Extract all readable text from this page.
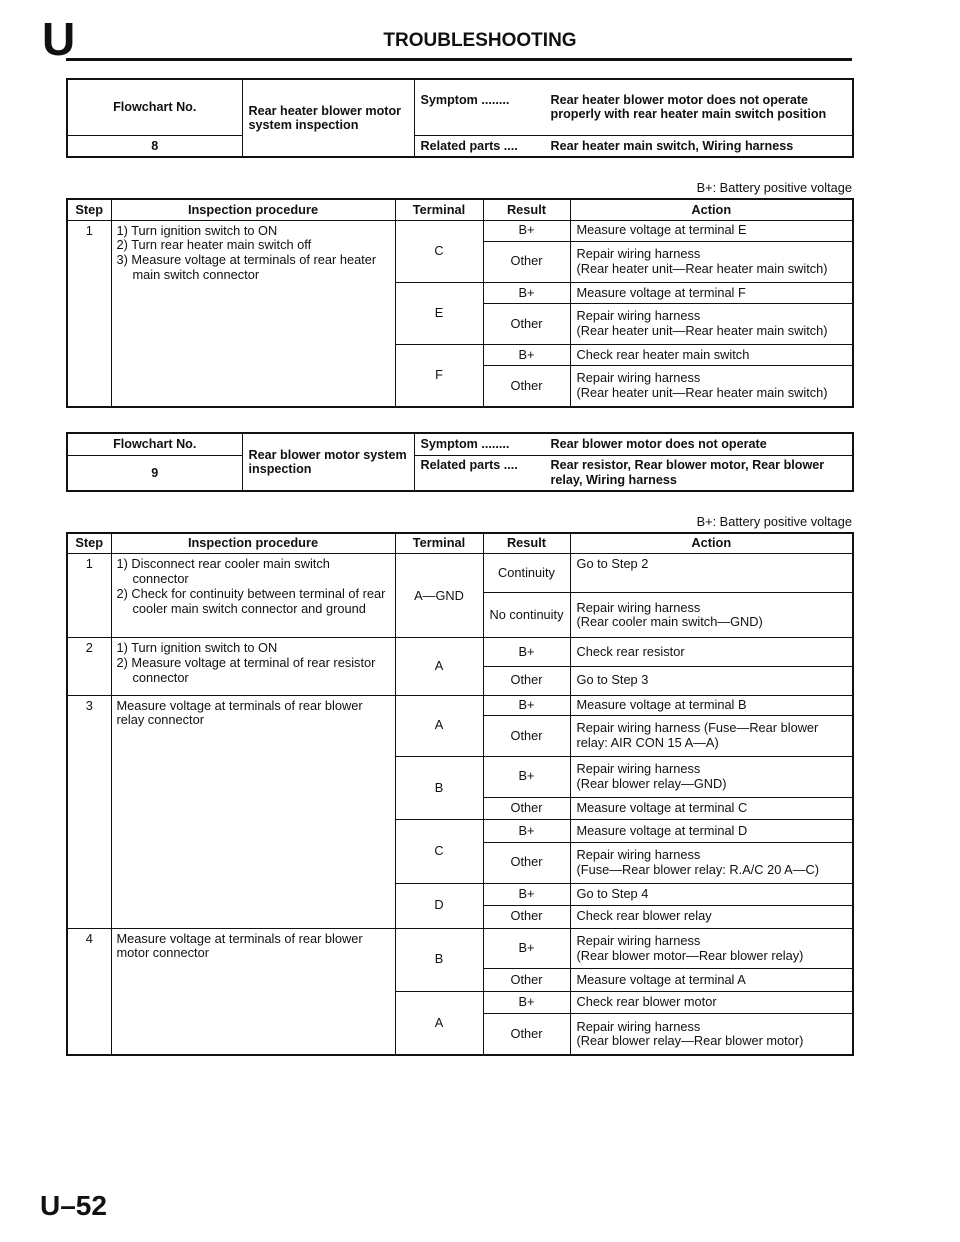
U	TROUBLESHOOTING
Flowchart No.	Rear heater blower motor system inspection	
Symptom ........	Rear heater blower motor does not operate properly with rear heater main switch position

8		Related parts ....	Rear heater main switch, Wiring harness
B+: Battery positive voltage
Step	Inspection procedure	Terminal	Result	Action
1	1) Turn ignition switch to ON
2) Turn rear heater main switch off
3) Measure voltage at terminals of rear heater main switch connector	C	B+	Measure voltage at terminal E

			Other	Repair wiring harness
(Rear heater unit—Rear heater main switch)

		E	B+	Measure voltage at terminal F

			Other	Repair wiring harness
(Rear heater unit—Rear heater main switch)

		F	B+	Check rear heater main switch

			Other	Repair wiring harness
(Rear heater unit—Rear heater main switch)
Flowchart No.	Rear blower motor system inspection	
Symptom ........	Rear blower motor does not operate

9	
Related parts ....	Rear resistor, Rear blower motor, Rear blower relay, Wiring harness
B+: Battery positive voltage
Step	Inspection procedure	Terminal	Result	Action
1	1) Disconnect rear cooler main switch connector
2) Check for continuity between terminal of rear cooler main switch connector and ground	A—GND	Continuity	Go to Step 2

			No continuity	Repair wiring harness
(Rear cooler main switch—GND)

2	1) Turn ignition switch to ON
2) Measure voltage at terminal of rear resistor connector	A	B+	Check rear resistor

			Other	Go to Step 3

3	Measure voltage at terminals of rear blower relay connector	A	B+	Measure voltage at terminal B

			Other	Repair wiring harness (Fuse—Rear blower
relay: AIR CON 15 A—A)

		B	B+	Repair wiring harness
(Rear blower relay—GND)

			Other	Measure voltage at terminal C

		C	B+	Measure voltage at terminal D

			Other	Repair wiring harness
(Fuse—Rear blower relay: R.A/C 20 A—C)

		D	B+	Go to Step 4

			Other	Check rear blower relay

4	Measure voltage at terminals of rear blower motor connector	B	B+	Repair wiring harness
(Rear blower motor—Rear blower relay)

			Other	Measure voltage at terminal A

		A	B+	Check rear blower motor

			Other	Repair wiring harness
(Rear blower relay—Rear blower motor)
U–52
